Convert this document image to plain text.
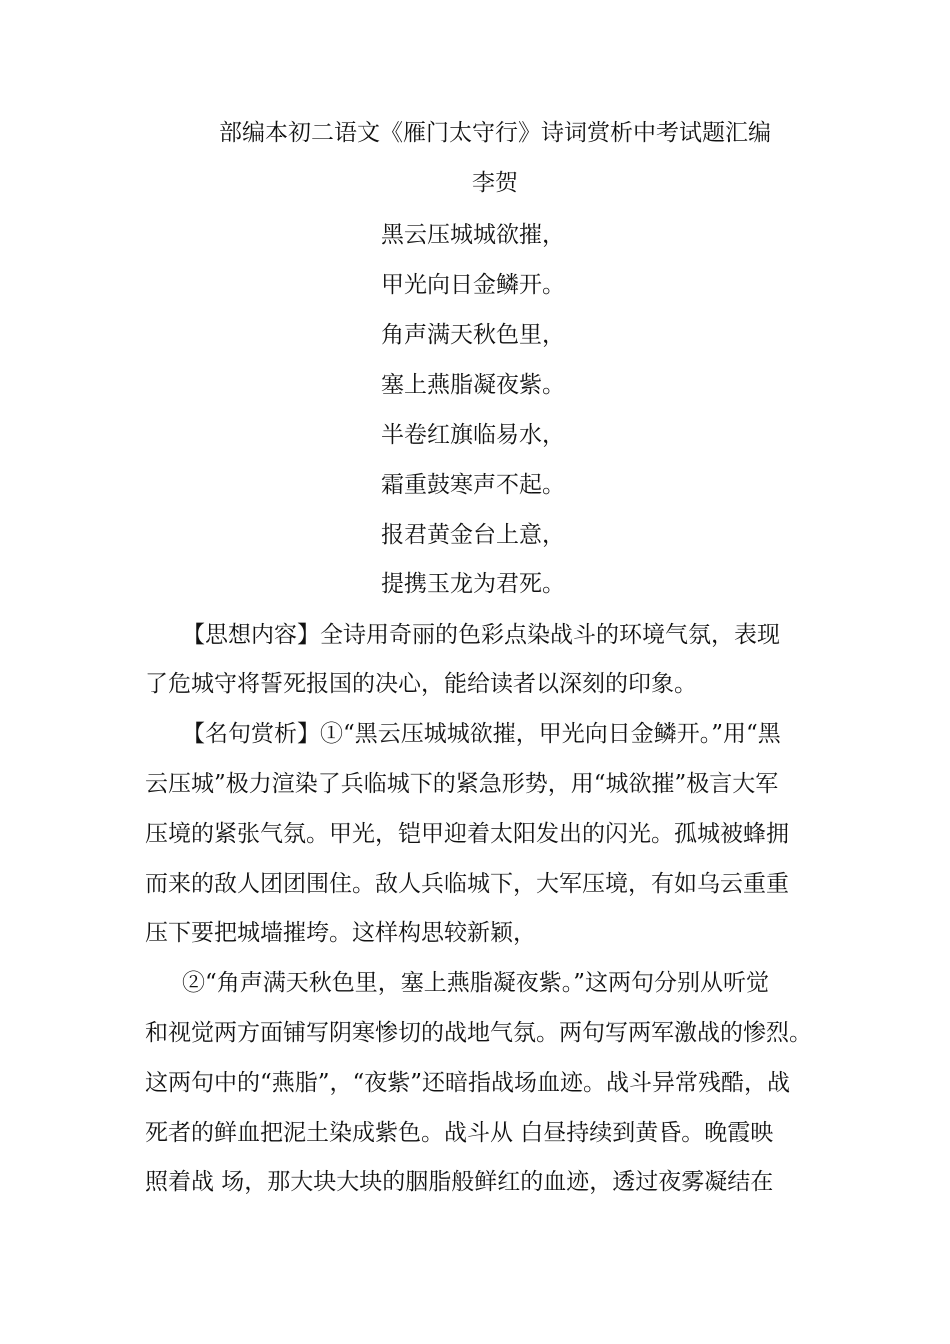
部编本初二语文《雁门太守行》诗词赏析中考试题汇编
李贺
黑云压城城欲摧，
甲光向日金鳞开。
角声满天秋色里，
塞上燕脂凝夜紫。
半卷红旗临易水，
霜重鼓寒声不起。
报君黄金台上意，
提携玉龙为君死。
【思想内容】全诗用奇丽的色彩点染战斗的环境气氛，表现
了危城守将誓死报国的决心，能给读者以深刻的印象。
【名句赏析】①“黑云压城城欲摧，甲光向日金鳞开。”用“黑
云压城”极力渲染了兵临城下的紧急形势，用“城欲摧”极言大军
压境的紧张气氛。甲光，铠甲迎着太阳发出的闪光。孤城被蜂拥
而来的敌人团团围住。敌人兵临城下，大军压境，有如乌云重重
压下要把城墙摧垮。这样构思较新颖，
②“角声满天秋色里，塞上燕脂凝夜紫。”这两句分别从听觉
和视觉两方面铺写阴寒惨切的战地气氛。两句写两军激战的惨烈。
这两句中的“燕脂”，“夜紫”还暗指战场血迹。战斗异常残酷，战
死者的鲜血把泥土染成紫色。战斗从 白昼持续到黄昏。晚霞映
照着战 场，那大块大块的胭脂般鲜红的血迹，透过夜雾凝结在
